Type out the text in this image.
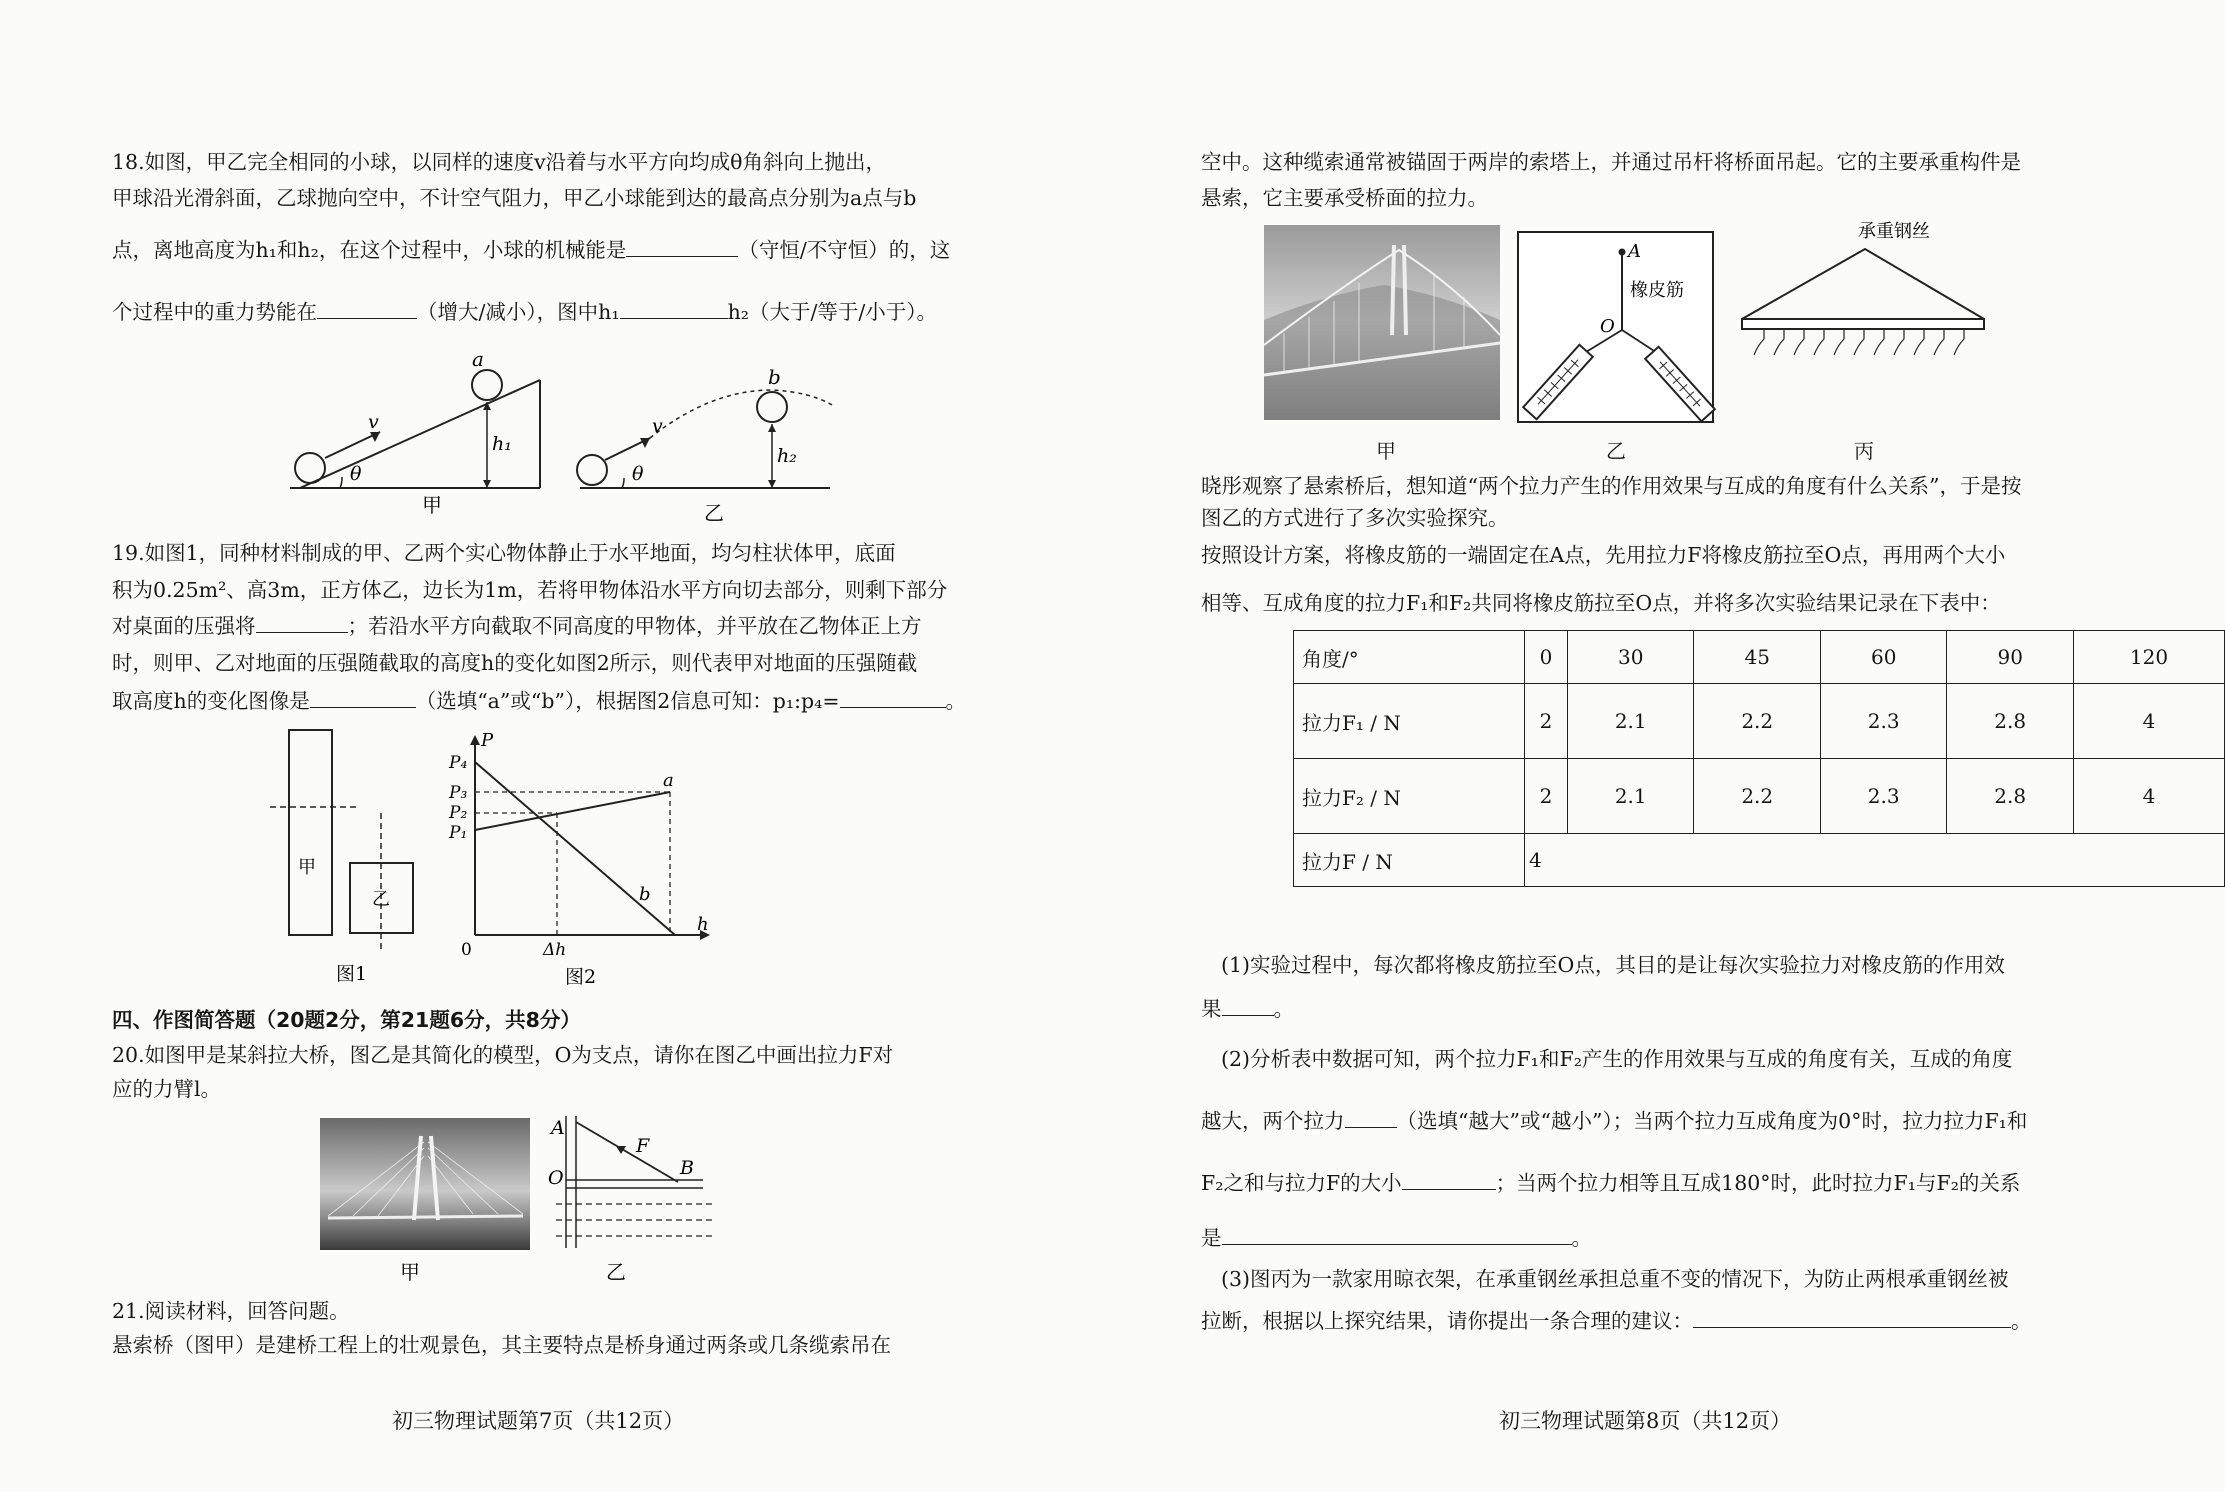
18.如图，甲乙完全相同的小球，以同样的速度v沿着与水平方向均成θ角斜向上抛出，
甲球沿光滑斜面，乙球抛向空中，不计空气阻力，甲乙小球能到达的最高点分别为a点与b
点，离地高度为h₁和h₂，在这个过程中，小球的机械能是	（守恒/不守恒）的，这
个过程中的重力势能在	（增大/减小），图中h₁	h₂（大于/等于/小于）。
v
a
θ
h₁
甲
v
b
θ
h₂
乙
19.如图1，同种材料制成的甲、乙两个实心物体静止于水平地面，均匀柱状体甲，底面
积为0.25m²、高3m，正方体乙，边长为1m，若将甲物体沿水平方向切去部分，则剩下部分
对桌面的压强将	；若沿水平方向截取不同高度的甲物体，并平放在乙物体正上方
时，则甲、乙对地面的压强随截取的高度h的变化如图2所示，则代表甲对地面的压强随截
取高度h的变化图像是	（选填“a”或“b”），根据图2信息可知：p₁:p₄=	。
甲
乙
图1
P
P₄
P₃
P₂
P₁
0	Δh
h
a
b
图2
四、作图简答题（20题2分，第21题6分，共8分）
20.如图甲是某斜拉大桥，图乙是其简化的模型，O为支点，请你在图乙中画出拉力F对
应的力臂l。
A
O
F
B
甲	乙
21.阅读材料，回答问题。
悬索桥（图甲）是建桥工程上的壮观景色，其主要特点是桥身通过两条或几条缆索吊在
初三物理试题第7页（共12页）
空中。这种缆索通常被锚固于两岸的索塔上，并通过吊杆将桥面吊起。它的主要承重构件是
悬索，它主要承受桥面的拉力。
甲
A
橡皮筋
O
乙
承重钢丝
丙
晓彤观察了悬索桥后，想知道“两个拉力产生的作用效果与互成的角度有什么关系”，于是按
图乙的方式进行了多次实验探究。
按照设计方案，将橡皮筋的一端固定在A点，先用拉力F将橡皮筋拉至O点，再用两个大小
相等、互成角度的拉力F₁和F₂共同将橡皮筋拉至O点，并将多次实验结果记录在下表中：
角度/°	0	30	45	60	90	120
拉力F₁ / N	2	2.1	2.2	2.3	2.8	4
拉力F₂ / N	2	2.1	2.2	2.3	2.8	4
拉力F / N	4					
(1)实验过程中，每次都将橡皮筋拉至O点，其目的是让每次实验拉力对橡皮筋的作用效
果	。
(2)分析表中数据可知，两个拉力F₁和F₂产生的作用效果与互成的角度有关，互成的角度
越大，两个拉力	（选填“越大”或“越小”）；当两个拉力互成角度为0°时，拉力拉力F₁和
F₂之和与拉力F的大小	；当两个拉力相等且互成180°时，此时拉力F₁与F₂的关系
是	。
(3)图丙为一款家用晾衣架，在承重钢丝承担总重不变的情况下，为防止两根承重钢丝被
拉断，根据以上探究结果，请你提出一条合理的建议：	。
初三物理试题第8页（共12页）
